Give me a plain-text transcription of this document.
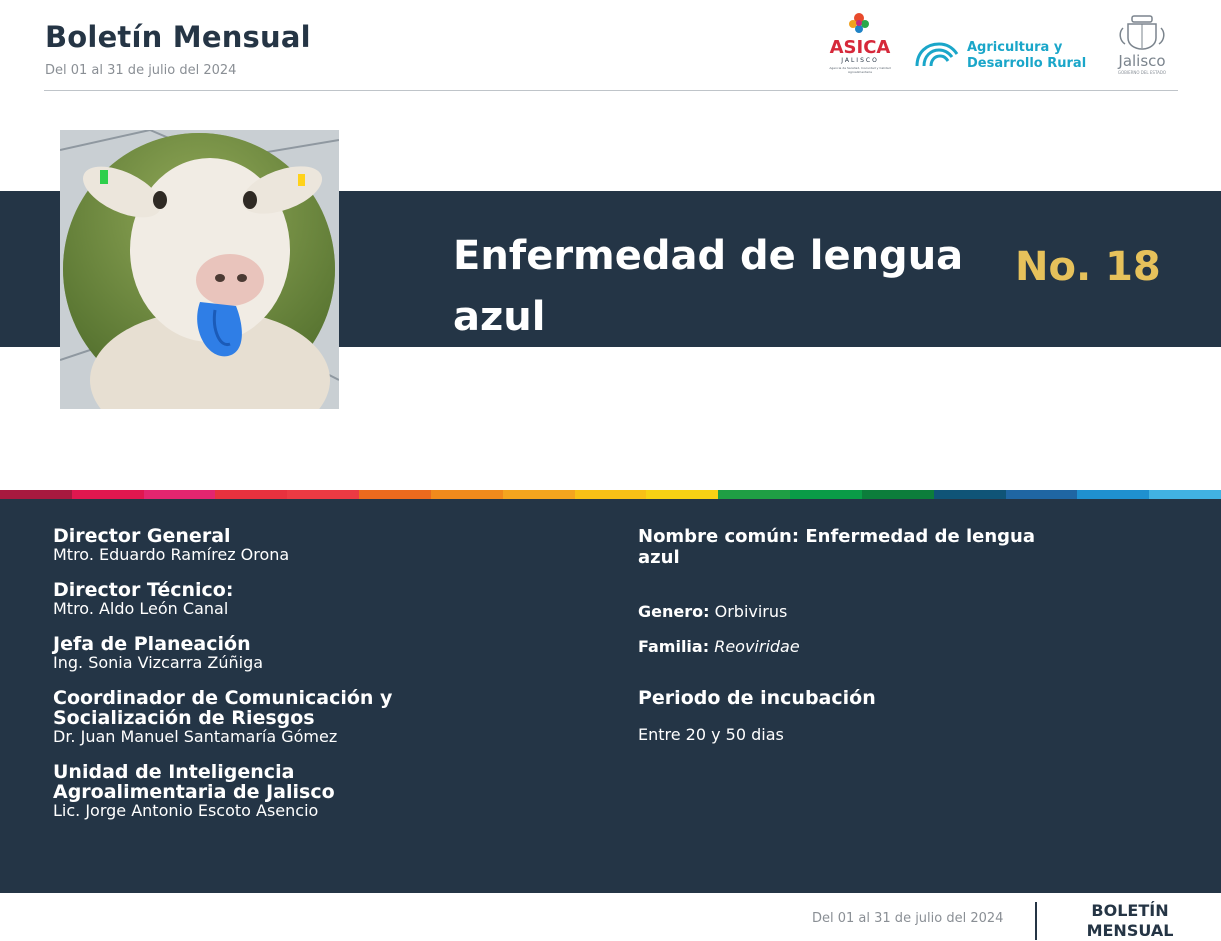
Boletín Mensual
Del 01 al 31 de julio del 2024
ASICA
JALISCO
Agencia de Sanidad, Inocuidad y Calidad Agroalimentaria
Agricultura y
Desarrollo Rural	Jalisco
GOBIERNO DEL ESTADO
Enfermedad de lengua azul
No. 18
Director General
Mtro. Eduardo Ramírez Orona
Director Técnico:
Mtro. Aldo León Canal
Jefa de Planeación
Ing. Sonia Vizcarra Zúñiga
Coordinador de Comunicación y Socialización de Riesgos
Dr. Juan Manuel Santamaría Gómez
Unidad de Inteligencia Agroalimentaria de Jalisco
Lic. Jorge Antonio Escoto Asencio
Nombre común: Enfermedad de lengua azul
Genero: Orbivirus
Familia: Reoviridae
Periodo de incubación
Entre 20 y 50 dias
Del 01 al 31 de julio del 2024	BOLETÍN MENSUAL
